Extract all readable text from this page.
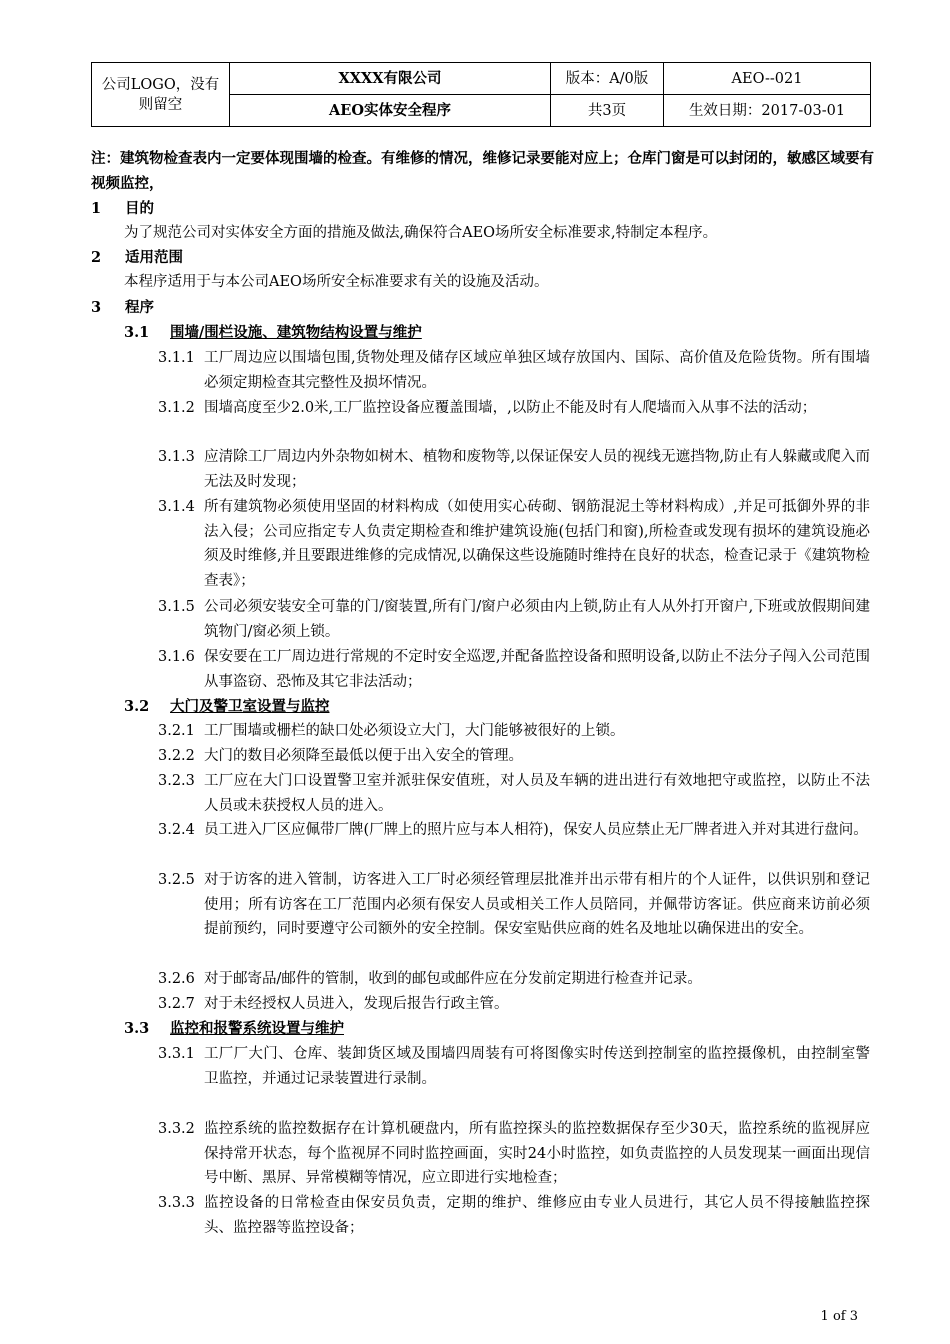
公司LOGO，没有则留空	XXXX有限公司	版本：A/0版	AEO--021
	AEO实体安全程序	共3页	生效日期：2017-03-01
注：建筑物检查表内一定要体现围墙的检查。有维修的情况，维修记录要能对应上；仓库门窗是可以封闭的，敏感区域要有视频监控，
1 目的
为了规范公司对实体安全方面的措施及做法,确保符合AEO场所安全标准要求,特制定本程序。
2 适用范围
本程序适用于与本公司AEO场所安全标准要求有关的设施及活动。
3 程序
3.1 围墙/围栏设施、建筑物结构设置与维护
3.1.1 工厂周边应以围墙包围,货物处理及储存区域应单独区域存放国内、国际、高价值及危险货物。所有围墙必须定期检查其完整性及损坏情况。
3.1.2 围墙高度至少2.0米,工厂监控设备应覆盖围墙，,以防止不能及时有人爬墙而入从事不法的活动；
3.1.3 应清除工厂周边内外杂物如树木、植物和废物等,以保证保安人员的视线无遮挡物,防止有人躲藏或爬入而无法及时发现；
3.1.4 所有建筑物必须使用坚固的材料构成（如使用实心砖砌、钢筋混泥土等材料构成）,并足可抵御外界的非法入侵；公司应指定专人负责定期检查和维护建筑设施(包括门和窗),所检查或发现有损坏的建筑设施必须及时维修,并且要跟进维修的完成情况,以确保这些设施随时维持在良好的状态，检查记录于《建筑物检查表》；
3.1.5 公司必须安装安全可靠的门/窗装置,所有门/窗户必须由内上锁,防止有人从外打开窗户,下班或放假期间建筑物门/窗必须上锁。
3.1.6 保安要在工厂周边进行常规的不定时安全巡逻,并配备监控设备和照明设备,以防止不法分子闯入公司范围从事盗窃、恐怖及其它非法活动；
3.2 大门及警卫室设置与监控
3.2.1 工厂围墙或栅栏的缺口处必须设立大门，大门能够被很好的上锁。
3.2.2 大门的数目必须降至最低以便于出入安全的管理。
3.2.3 工厂应在大门口设置警卫室并派驻保安值班，对人员及车辆的进出进行有效地把守或监控，以防止不法人员或未获授权人员的进入。
3.2.4 员工进入厂区应佩带厂牌(厂牌上的照片应与本人相符)，保安人员应禁止无厂牌者进入并对其进行盘问。
3.2.5 对于访客的进入管制，访客进入工厂时必须经管理层批准并出示带有相片的个人证件，以供识别和登记使用；所有访客在工厂范围内必须有保安人员或相关工作人员陪同，并佩带访客证。供应商来访前必须提前预约，同时要遵守公司额外的安全控制。保安室贴供应商的姓名及地址以确保进出的安全。
3.2.6 对于邮寄品/邮件的管制，收到的邮包或邮件应在分发前定期进行检查并记录。
3.2.7 对于未经授权人员进入，发现后报告行政主管。
3.3 监控和报警系统设置与维护
3.3.1 工厂厂大门、仓库、装卸货区域及围墙四周装有可将图像实时传送到控制室的监控摄像机，由控制室警卫监控，并通过记录装置进行录制。
3.3.2 监控系统的监控数据存在计算机硬盘内，所有监控探头的监控数据保存至少30天，监控系统的监视屏应保持常开状态，每个监视屏不同时监控画面，实时24小时监控，如负责监控的人员发现某一画面出现信号中断、黑屏、异常模糊等情况，应立即进行实地检查；
3.3.3 监控设备的日常检查由保安员负责，定期的维护、维修应由专业人员进行，其它人员不得接触监控探头、监控器等监控设备；
1 of 3
